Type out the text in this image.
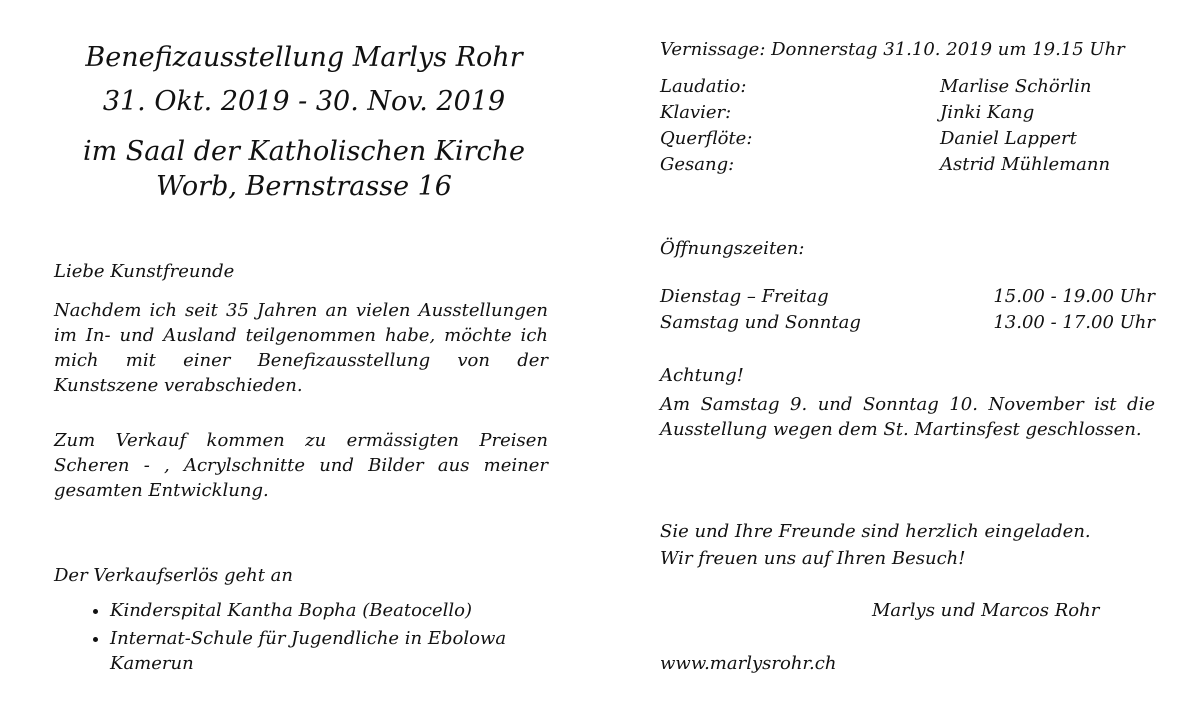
Benefizausstellung Marlys Rohr

31. Okt. 2019 - 30. Nov. 2019

im Saal der Katholischen Kirche

Worb, Bernstrasse 16

Liebe Kunstfreunde

Nachdem ich seit 35 Jahren an vielen Ausstellungen im In- und Ausland teilgenommen habe, möchte ich mich mit einer Benefizausstellung von der Kunstszene verabschieden.

Zum Verkauf kommen zu ermässigten Preisen Scheren - , Acrylschnitte und Bilder aus meiner gesamten Entwicklung.

Der Verkaufserlös geht an

• Kinderspital Kantha Bopha (Beatocello)
• Internat-Schule für Jugendliche in Ebolowa Kamerun

Vernissage: Donnerstag 31.10. 2019 um 19.15 Uhr

Laudatio:	Marlise Schörlin
Klavier:	Jinki Kang
Querflöte:	Daniel Lappert
Gesang:	Astrid Mühlemann

Öffnungszeiten:

Dienstag – Freitag	15.00 - 19.00 Uhr
Samstag und Sonntag	13.00 - 17.00 Uhr

Achtung!

Am Samstag 9. und Sonntag 10. November ist die Ausstellung wegen dem St. Martinsfest geschlossen.

Sie und Ihre Freunde sind herzlich eingeladen.

Wir freuen uns auf Ihren Besuch!

Marlys und Marcos Rohr

www.marlysrohr.ch
